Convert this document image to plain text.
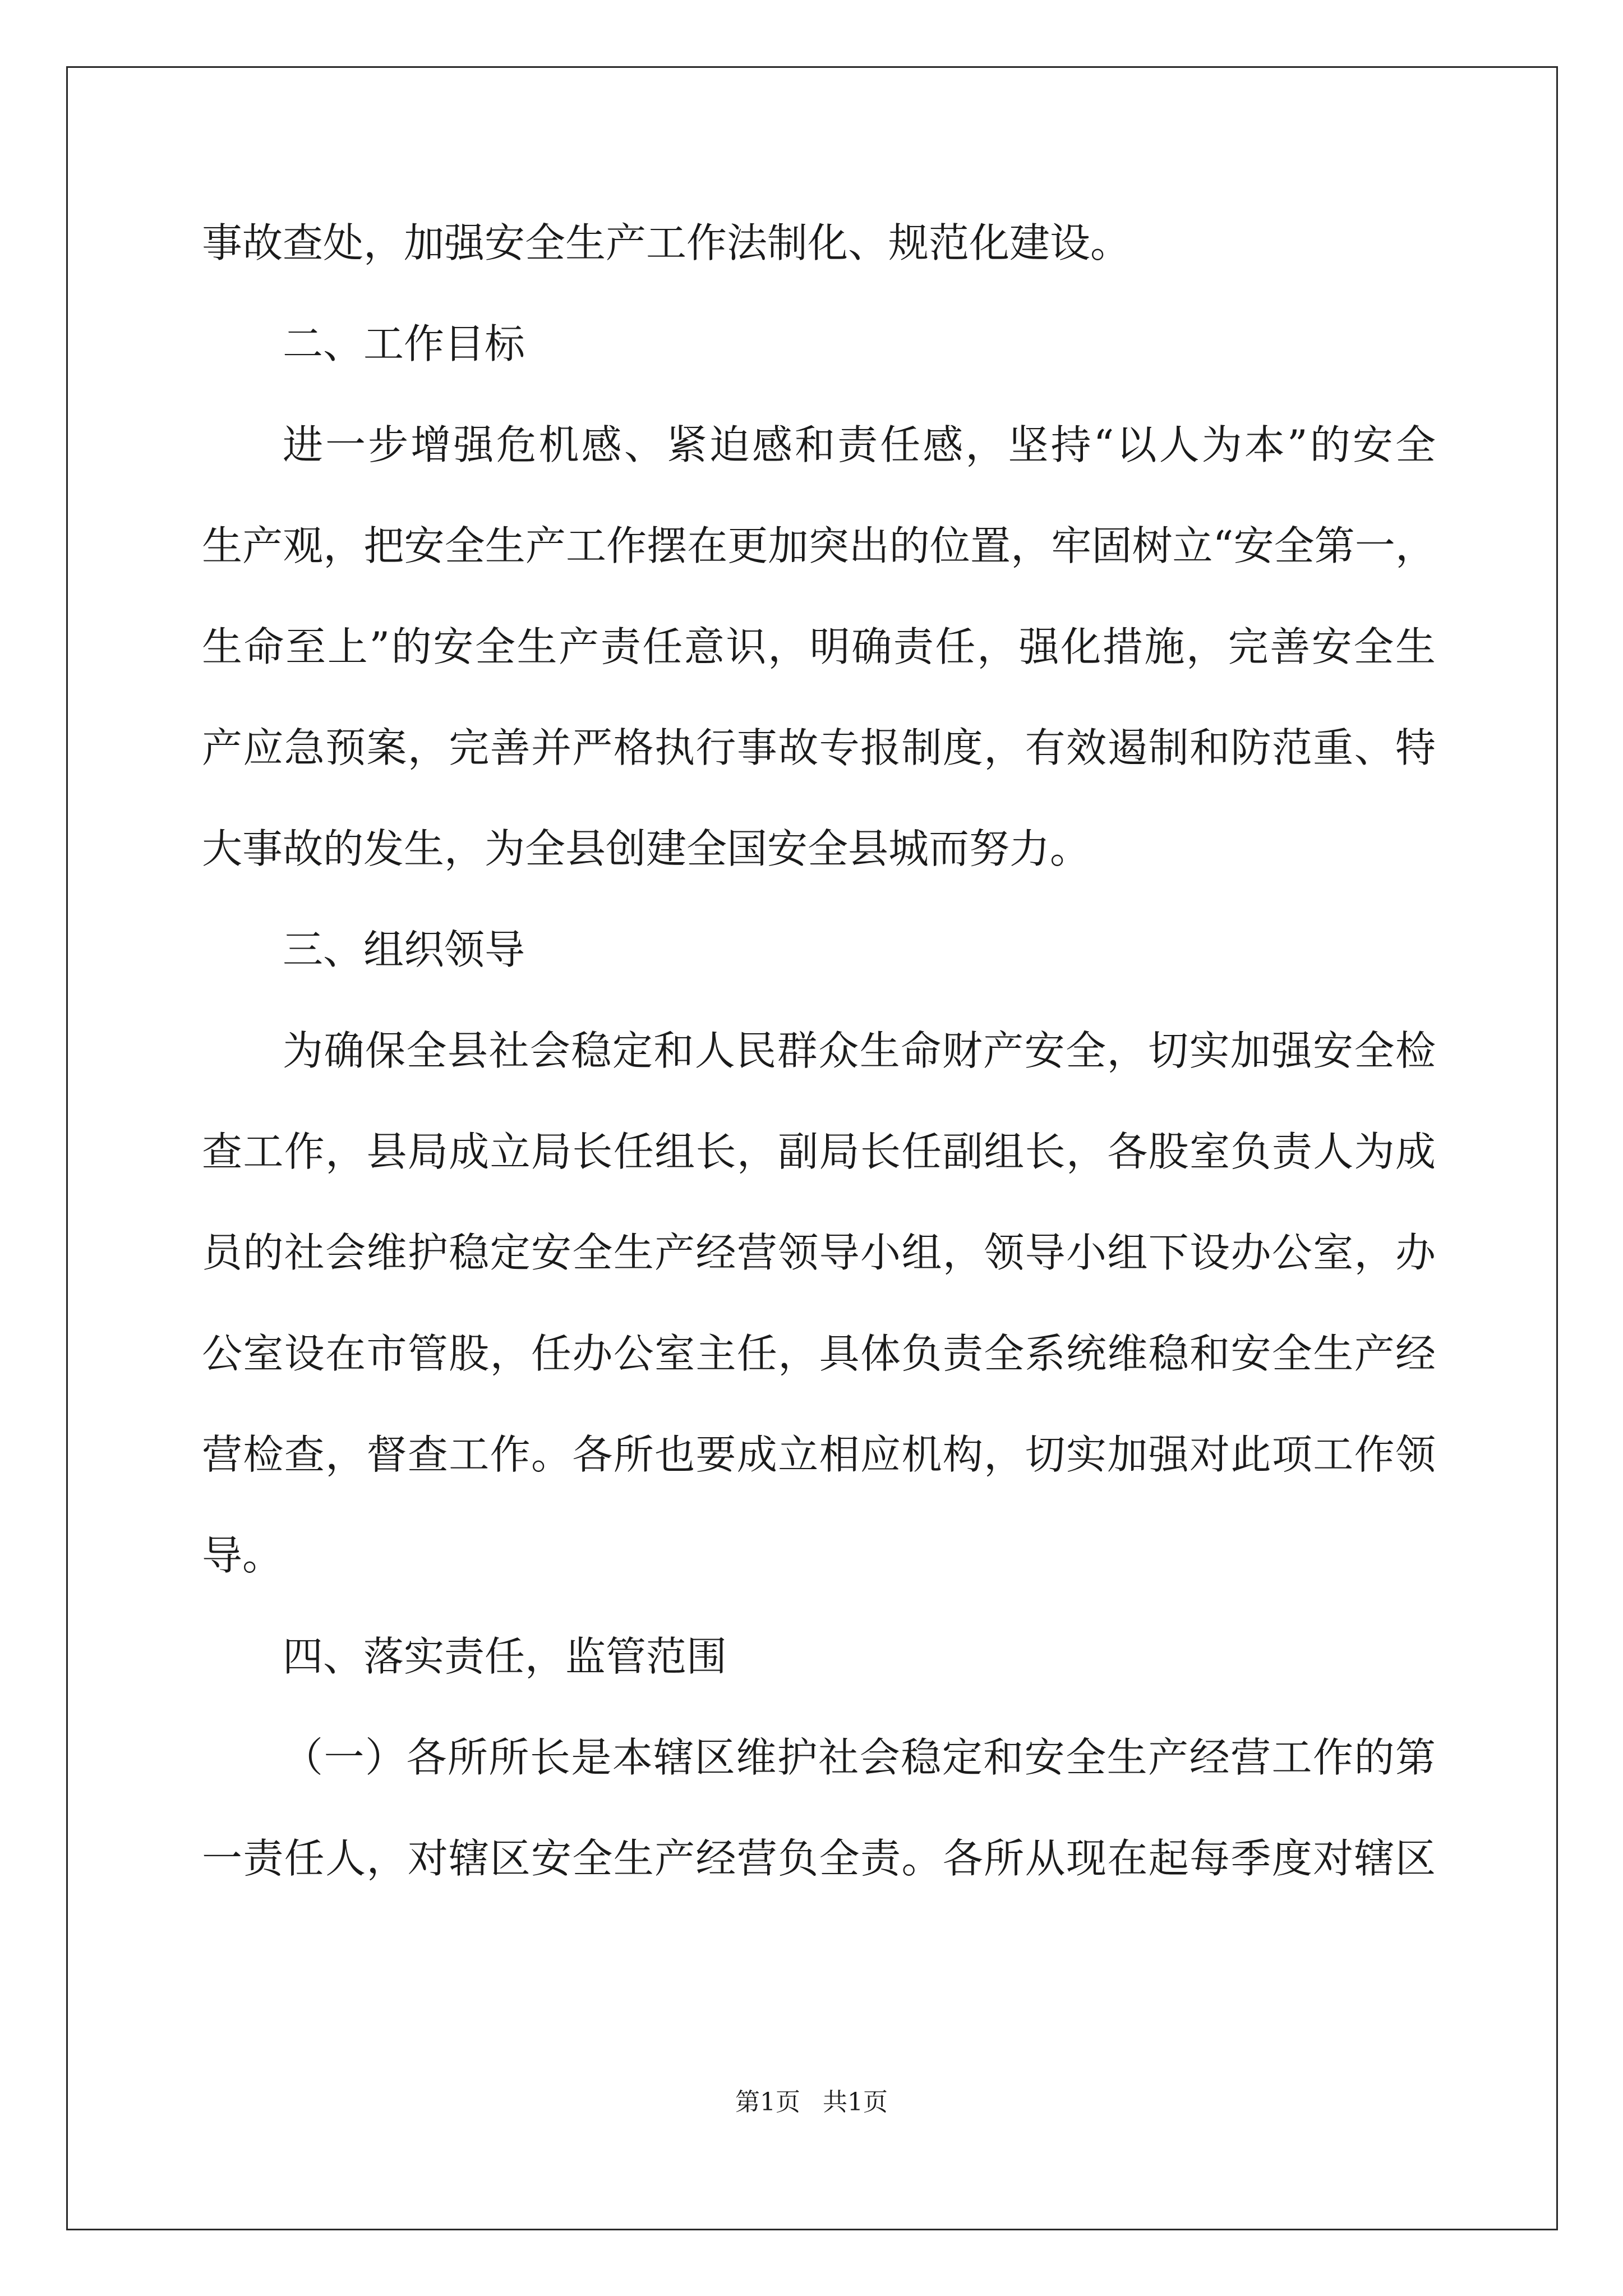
事故查处，加强安全生产工作法制化、规范化建设。
二、工作目标
进一步增强危机感、紧迫感和责任感，坚持“以人为本”的安全
生产观，把安全生产工作摆在更加突出的位置，牢固树立“安全第一，
生命至上”的安全生产责任意识，明确责任，强化措施，完善安全生
产应急预案，完善并严格执行事故专报制度，有效遏制和防范重、特
大事故的发生，为全县创建全国安全县城而努力。
三、组织领导
为确保全县社会稳定和人民群众生命财产安全，切实加强安全检
查工作，县局成立局长任组长，副局长任副组长，各股室负责人为成
员的社会维护稳定安全生产经营领导小组，领导小组下设办公室，办
公室设在市管股，任办公室主任，具体负责全系统维稳和安全生产经
营检查，督查工作。各所也要成立相应机构，切实加强对此项工作领
导。
四、落实责任，监管范围
（一）各所所长是本辖区维护社会稳定和安全生产经营工作的第
一责任人，对辖区安全生产经营负全责。各所从现在起每季度对辖区
第1页 共1页
